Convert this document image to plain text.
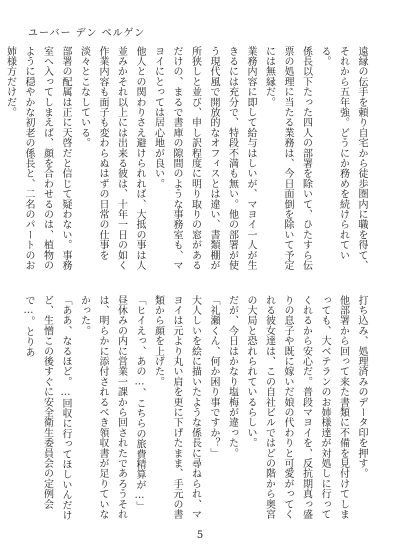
ユーバー デン ベルゲン

遠縁の伝手を頼り自宅から徒歩圏内に職を得て、それから五年強。どうにか務めを続けられている。

係長以下たった四人の部署を除いて、ひたすら伝票の処理に当たる業務は、今日面倒を除いて予定には無縁だ。

業務内容に即して給与はしいが、マヨイ一人が生きるには充分で、特段不満も無い。他の部署が使う現代風で開放的なオフィスとは違い、書類棚が所狭しと並び、申し訳程度に明り取りの窓があるだけの、まるで書庫の隙間のような事務室も、マヨイにとっては居心地が良い。

他人との関わりさえ避けられれば、大抵の事は人並みかそれ以上には出来る彼は、十年一日の如く作業内容も面子も変わらぬはずの日常の仕事を淡々とこなしている。

部署の配属は正に天啓だと信じて疑わない。事務室へ入ってしまえば、顔を合わせるのは、植物のように穏やかな初老の係長と、二名のパートのお姉様方だけだ。

打ち込み、処理済みのデータ印を押す。

他部署から回って来た書類に不備を見付けてしまっても、大ベテランのお姉様達が対処しに行ってくれるから安心だ。普段マヨイを、反抗期真っ盛りの息子や既に嫁いだ娘の代わりと可愛がってくれる彼女達は、この自社ビルではどの階から奥宮の大局と恐れられているらしい。

だが、今日はかなり塩梅が違った。

「礼瀬くん、何か困り事ですか？」

大人しいを絵に描いたような係長に尋ねられ、マヨイは元より丸い肩を更に下げたまま、手元の書類から顔を上げた。

「ヒイえっ、あの…、こちらの旅費精算が…」

昼休みの内に営業一課から回されたであろうそれは、明らかに添付されるべき領収書が足りていなかった。

「ああ、なるほど。…回収に行ってほしいんだけど、生憎この後すぐに安全衛生委員会の定例会で…。とりあ

5
